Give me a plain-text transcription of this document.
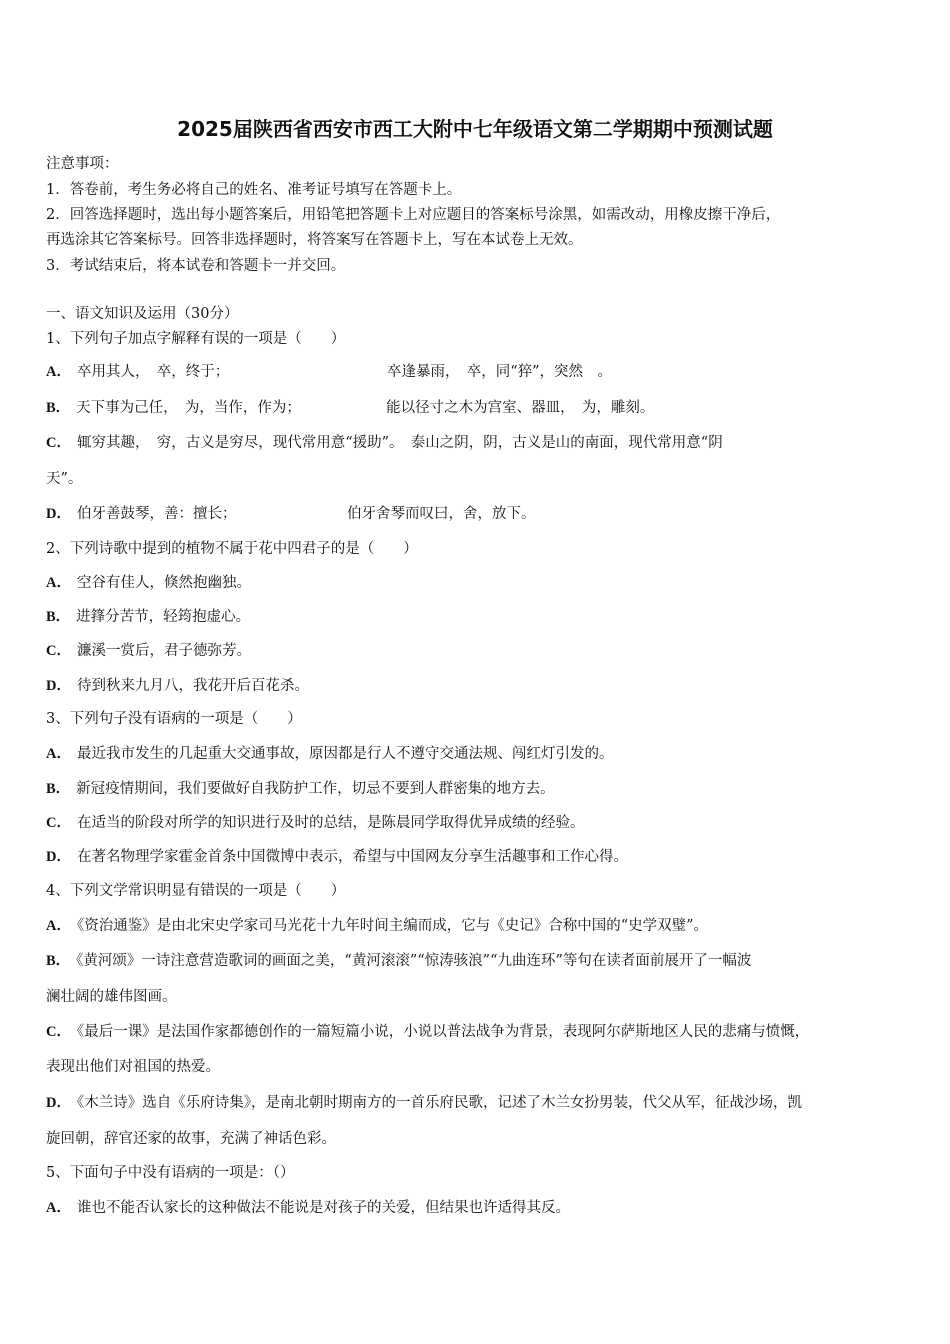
2025届陕西省西安市西工大附中七年级语文第二学期期中预测试题
注意事项：
1．答卷前，考生务必将自己的姓名、准考证号填写在答题卡上。
2．回答选择题时，选出每小题答案后，用铅笔把答题卡上对应题目的答案标号涂黑，如需改动，用橡皮擦干净后，
再选涂其它答案标号。回答非选择题时，将答案写在答题卡上，写在本试卷上无效。
3．考试结束后，将本试卷和答题卡一并交回。
一、语文知识及运用（30分）
1、下列句子加点字解释有误的一项是（　　）
A． 卒用其人，　卒，终于；	卒逢暴雨，　卒，同“猝”，突然　。
B． 天下事为己任，　为，当作，作为；	能以径寸之木为宫室、器皿，　为，雕刻。
C． 辄穷其趣，　穷，古义是穷尽，现代常用意“援助”。　泰山之阴，阴，古义是山的南面，现代常用意“阴
天”。
D． 伯牙善鼓琴，善：擅长；	伯牙舍琴而叹曰，舍，放下。
2、下列诗歌中提到的植物不属于花中四君子的是（　　）
A． 空谷有佳人，倏然抱幽独。
B． 进箨分苦节，轻筠抱虚心。
C． 濂溪一赏后，君子德弥芳。
D． 待到秋来九月八，我花开后百花杀。
3、下列句子没有语病的一项是（　　）
A． 最近我市发生的几起重大交通事故，原因都是行人不遵守交通法规、闯红灯引发的。
B． 新冠疫情期间，我们要做好自我防护工作，切忌不要到人群密集的地方去。
C． 在适当的阶段对所学的知识进行及时的总结，是陈晨同学取得优异成绩的经验。
D． 在著名物理学家霍金首条中国微博中表示，希望与中国网友分享生活趣事和工作心得。
4、下列文学常识明显有错误的一项是（　　）
A． 《资治通鉴》是由北宋史学家司马光花十九年时间主编而成，它与《史记》合称中国的“史学双璧”。
B． 《黄河颂》一诗注意营造歌词的画面之美，“黄河滚滚”“惊涛骇浪”“九曲连环”等句在读者面前展开了一幅波
澜壮阔的雄伟图画。
C． 《最后一课》是法国作家都德创作的一篇短篇小说，小说以普法战争为背景，表现阿尔萨斯地区人民的悲痛与愤慨，
表现出他们对祖国的热爱。
D． 《木兰诗》选自《乐府诗集》，是南北朝时期南方的一首乐府民歌，记述了木兰女扮男装，代父从军，征战沙场，凯
旋回朝，辞官还家的故事，充满了神话色彩。
5、下面句子中没有语病的一项是：（）
A． 谁也不能否认家长的这种做法不能说是对孩子的关爱，但结果也许适得其反。
